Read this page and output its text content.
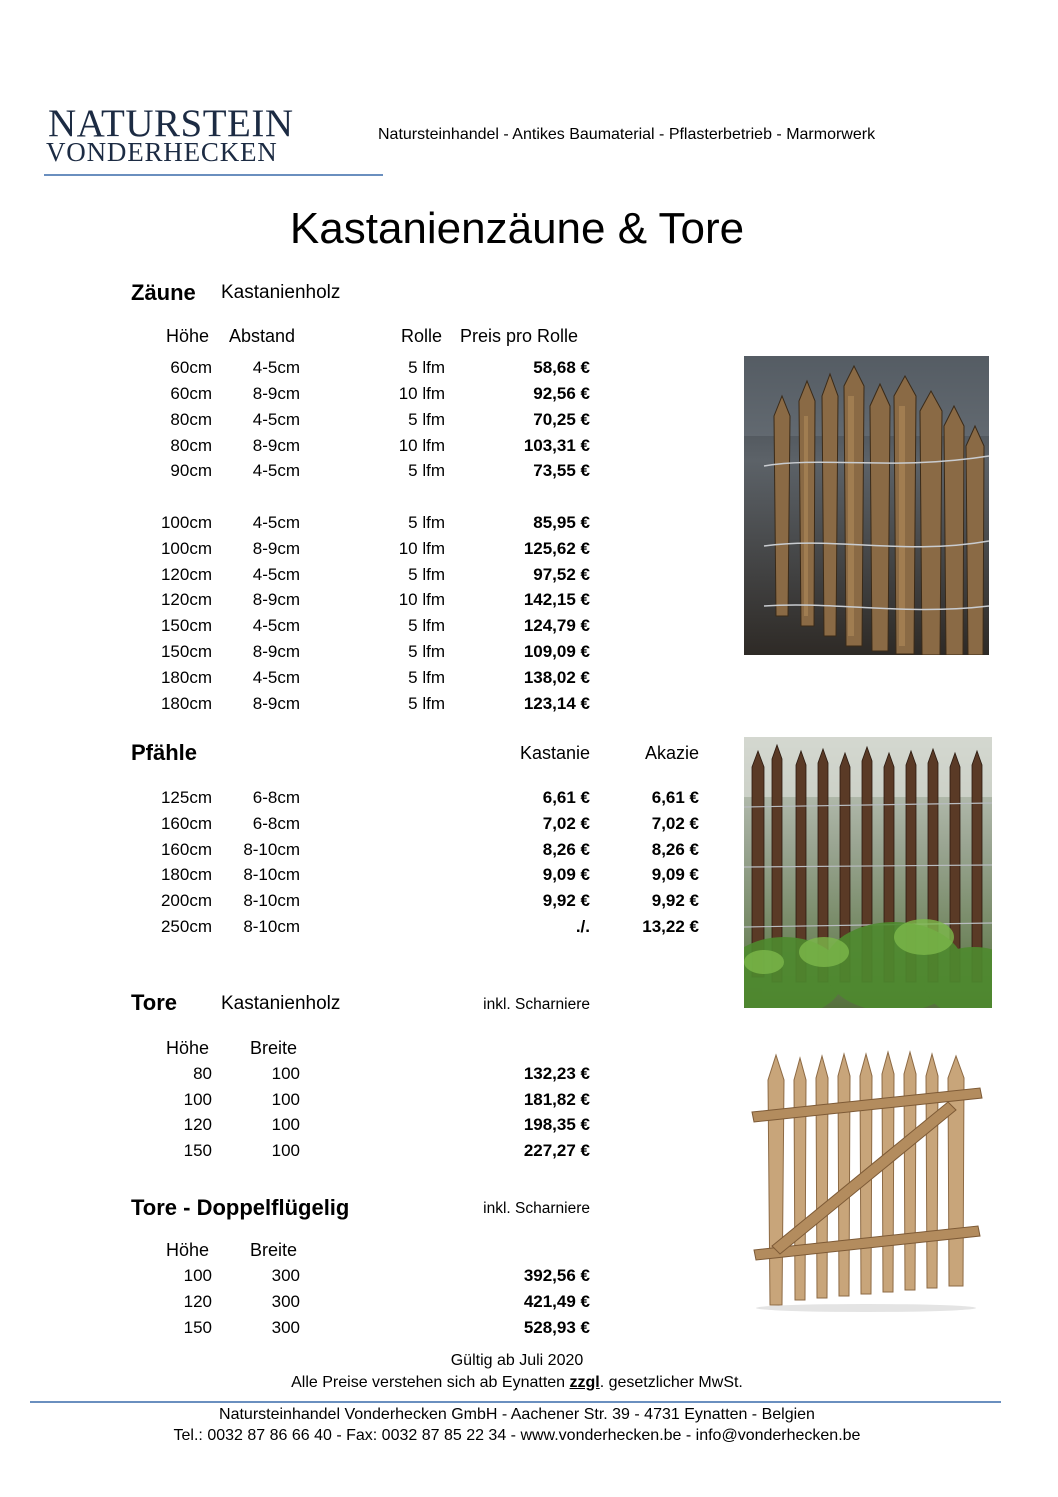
NATURSTEIN
VONDERHECKEN
Natursteinhandel - Antikes Baumaterial - Pflasterbetrieb - Marmorwerk
Kastanienzäune & Tore
Zäune Kastanienholz
Höhe Abstand	Rolle Preis pro Rolle
60cm	4-5cm	5 lfm	58,68 €
60cm	8-9cm	10 lfm	92,56 €
80cm	4-5cm	5 lfm	70,25 €
80cm	8-9cm	10 lfm	103,31 €
90cm	4-5cm	5 lfm	73,55 €
100cm	4-5cm	5 lfm	85,95 €
100cm	8-9cm	10 lfm	125,62 €
120cm	4-5cm	5 lfm	97,52 €
120cm	8-9cm	10 lfm	142,15 €
150cm	4-5cm	5 lfm	124,79 €
150cm	8-9cm	5 lfm	109,09 €
180cm	4-5cm	5 lfm	138,02 €
180cm	8-9cm	5 lfm	123,14 €
Pfähle	Kastanie	Akazie
125cm	6-8cm	6,61 €	6,61 €
160cm	6-8cm	7,02 €	7,02 €
160cm	8-10cm	8,26 €	8,26 €
180cm	8-10cm	9,09 €	9,09 €
200cm	8-10cm	9,92 €	9,92 €
250cm	8-10cm	./.	13,22 €
Tore Kastanienholz	inkl. Scharniere
Höhe Breite
80	100	132,23 €
100	100	181,82 €
120	100	198,35 €
150	100	227,27 €
Tore - Doppelflügelig	inkl. Scharniere
Höhe Breite
100	300	392,56 €
120	300	421,49 €
150	300	528,93 €
Gültig ab Juli 2020
Alle Preise verstehen sich ab Eynatten zzgl. gesetzlicher MwSt.
Natursteinhandel Vonderhecken GmbH - Aachener Str. 39 - 4731 Eynatten - Belgien
Tel.: 0032 87 86 66 40 - Fax: 0032 87 85 22 34 - www.vonderhecken.be - info@vonderhecken.be
